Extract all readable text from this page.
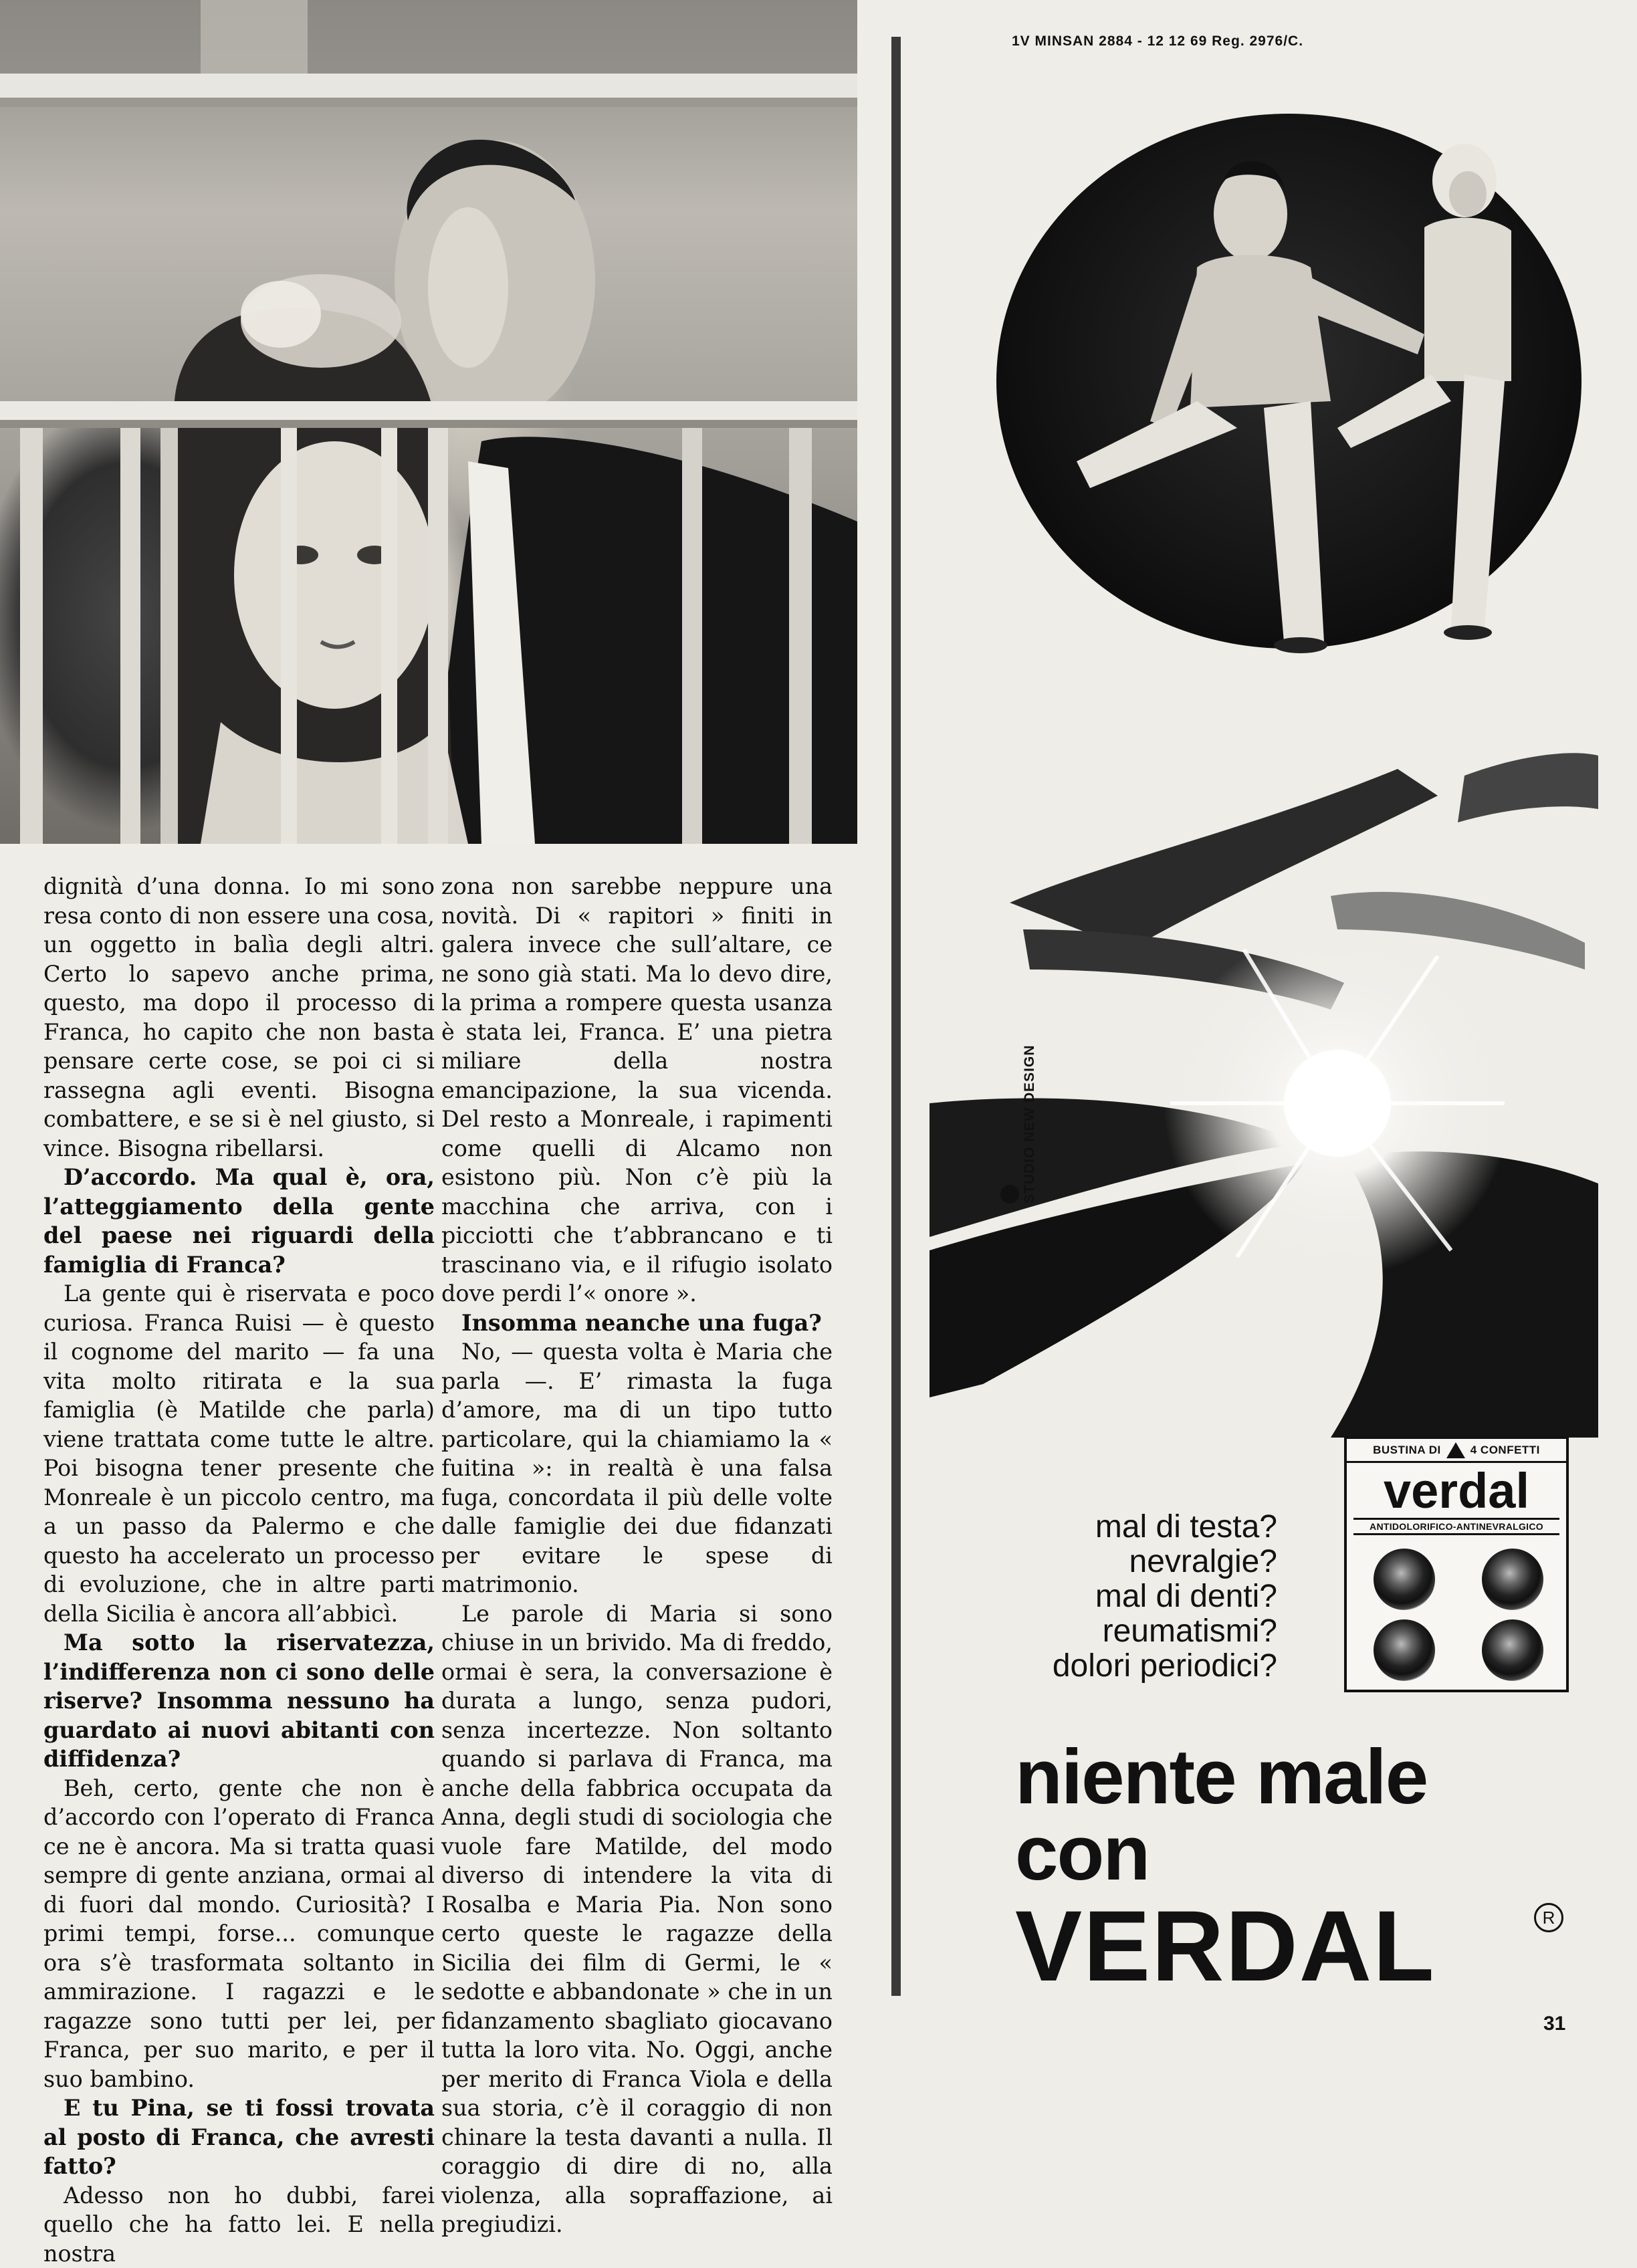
dignità d’una donna. Io mi sono resa conto di non essere una cosa, un oggetto in balìa degli altri. Certo lo sapevo anche prima, questo, ma dopo il processo di Franca, ho capito che non basta pensare certe cose, se poi ci si rassegna agli eventi. Bisogna combattere, e se si è nel giusto, si vince. Bisogna ribellarsi.

D’accordo. Ma qual è, ora, l’atteggiamento della gente del paese nei riguardi della famiglia di Franca?

La gente qui è riservata e poco curiosa. Franca Ruisi — è questo il cognome del marito — fa una vita molto ritirata e la sua famiglia (è Matilde che parla) viene trattata come tutte le altre. Poi bisogna tener presente che Monreale è un piccolo centro, ma a un passo da Palermo e che questo ha accelerato un processo di evoluzione, che in altre parti della Sicilia è ancora all’abbicì.

Ma sotto la riservatezza, l’indifferenza non ci sono delle riserve? Insomma nessuno ha guardato ai nuovi abitanti con diffidenza?

Beh, certo, gente che non è d’accordo con l’operato di Franca ce ne è ancora. Ma si tratta quasi sempre di gente anziana, ormai al di fuori dal mondo. Curiosità? I primi tempi, forse... comunque ora s’è trasformata soltanto in ammirazione. I ragazzi e le ragazze sono tutti per lei, per Franca, per suo marito, e per il suo bambino.

E tu Pina, se ti fossi trovata al posto di Franca, che avresti fatto?

Adesso non ho dubbi, farei quello che ha fatto lei. E nella nostra

zona non sarebbe neppure una novità. Di « rapitori » finiti in galera invece che sull’altare, ce ne sono già stati. Ma lo devo dire, la prima a rompere questa usanza è stata lei, Franca. E’ una pietra miliare della nostra emancipazione, la sua vicenda. Del resto a Monreale, i rapimenti come quelli di Alcamo non esistono più. Non c’è più la macchina che arriva, con i picciotti che t’abbrancano e ti trascinano via, e il rifugio isolato dove perdi l’« onore ».

Insomma neanche una fuga?

No, — questa volta è Maria che parla —. E’ rimasta la fuga d’amore, ma di un tipo tutto particolare, qui la chiamiamo la « fuitina »: in realtà è una falsa fuga, concordata il più delle volte dalle famiglie dei due fidanzati per evitare le spese di matrimonio.

Le parole di Maria si sono chiuse in un brivido. Ma di freddo, ormai è sera, la conversazione è durata a lungo, senza pudori, senza incertezze. Non soltanto quando si parlava di Franca, ma anche della fabbrica occupata da Anna, degli studi di sociologia che vuole fare Matilde, del modo diverso di intendere la vita di Rosalba e Maria Pia. Non sono certo queste le ragazze della Sicilia dei film di Germi, le « sedotte e abbandonate » che in un fidanzamento sbagliato giocavano tutta la loro vita. No. Oggi, anche per merito di Franca Viola e della sua storia, c’è il coraggio di non chinare la testa davanti a nulla. Il coraggio di dire di no, alla violenza, alla sopraffazione, ai pregiudizi.

1V MINSAN 2884 - 12 12 69 Reg. 2976/C.
STUDIO NEW DESIGN
BUSTINA DI	4 CONFETTI
verdal
ANTIDOLORIFICO-ANTINEVRALGICO
mal di testa?
nevralgie?
mal di denti?
reumatismi?
dolori periodici?
niente male
con
VERDAL	R
31
